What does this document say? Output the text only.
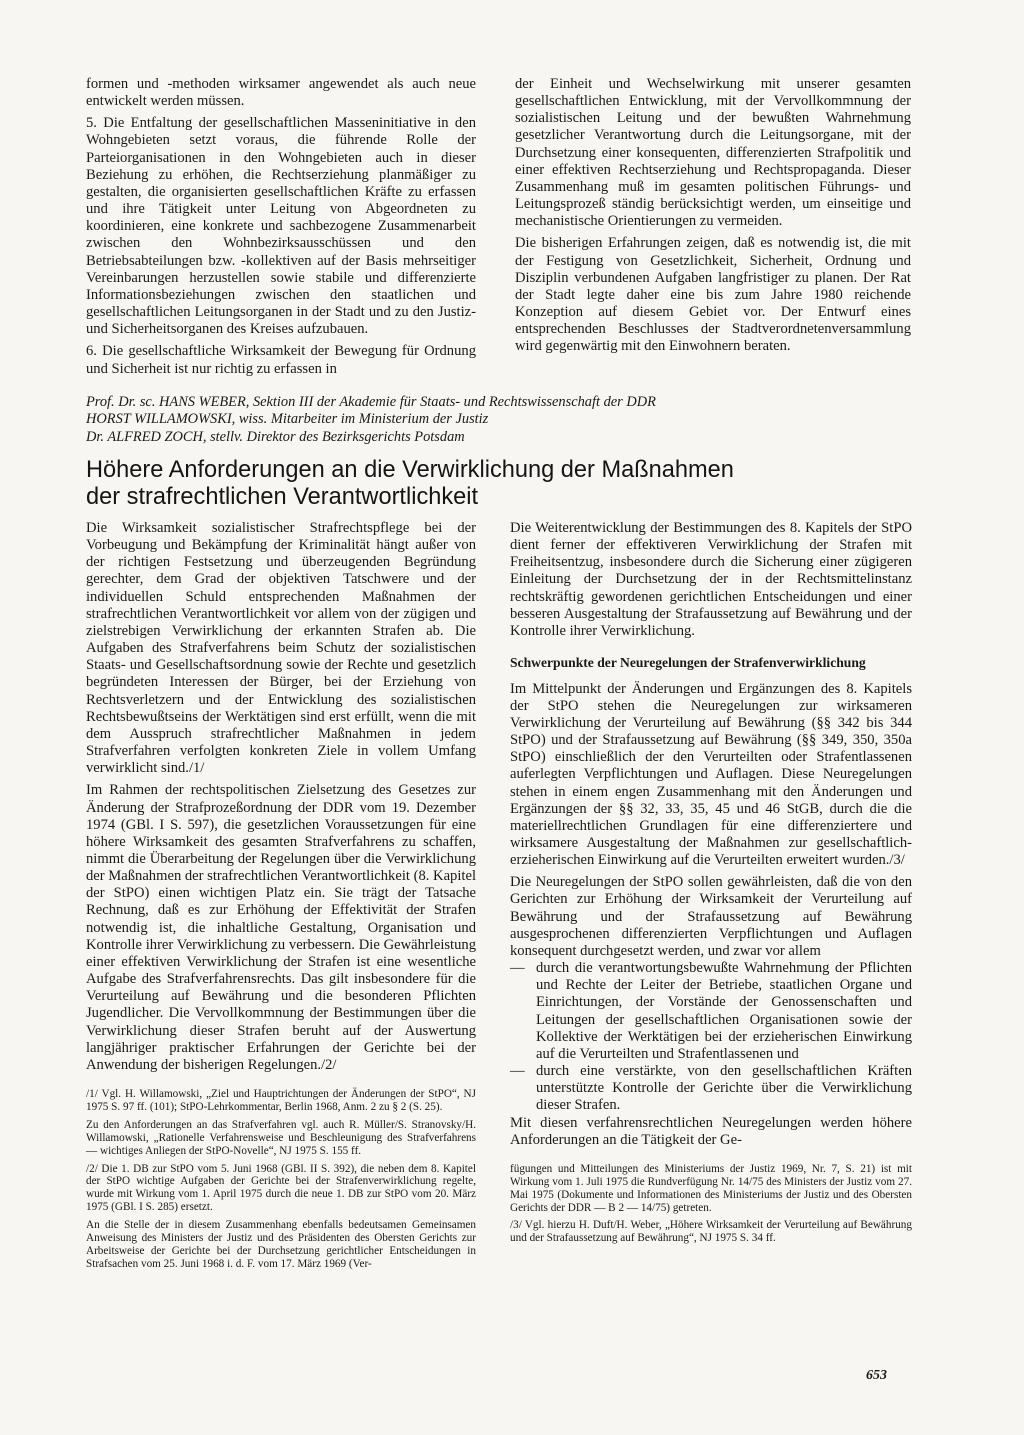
formen und -methoden wirksamer angewendet als auch neue entwickelt werden müssen.

5. Die Entfaltung der gesellschaftlichen Masseninitiative in den Wohngebieten setzt voraus, die führende Rolle der Parteiorganisationen in den Wohngebieten auch in dieser Beziehung zu erhöhen, die Rechtserziehung planmäßiger zu gestalten, die organisierten gesellschaftlichen Kräfte zu erfassen und ihre Tätigkeit unter Leitung von Abgeordneten zu koordinieren, eine konkrete und sachbezogene Zusammenarbeit zwischen den Wohnbezirksausschüssen und den Betriebsabteilungen bzw. -kollektiven auf der Basis mehrseitiger Vereinbarungen herzustellen sowie stabile und differenzierte Informationsbeziehungen zwischen den staatlichen und gesellschaftlichen Leitungsorganen in der Stadt und zu den Justiz- und Sicherheitsorganen des Kreises aufzubauen.

6. Die gesellschaftliche Wirksamkeit der Bewegung für Ordnung und Sicherheit ist nur richtig zu erfassen in

der Einheit und Wechselwirkung mit unserer gesamten gesellschaftlichen Entwicklung, mit der Vervollkommnung der sozialistischen Leitung und der bewußten Wahrnehmung gesetzlicher Verantwortung durch die Leitungsorgane, mit der Durchsetzung einer konsequenten, differenzierten Strafpolitik und einer effektiven Rechtserziehung und Rechtspropaganda. Dieser Zusammenhang muß im gesamten politischen Führungs- und Leitungsprozeß ständig berücksichtigt werden, um einseitige und mechanistische Orientierungen zu vermeiden.

Die bisherigen Erfahrungen zeigen, daß es notwendig ist, die mit der Festigung von Gesetzlichkeit, Sicherheit, Ordnung und Disziplin verbundenen Aufgaben langfristiger zu planen. Der Rat der Stadt legte daher eine bis zum Jahre 1980 reichende Konzeption auf diesem Gebiet vor. Der Entwurf eines entsprechenden Beschlusses der Stadtverordnetenversammlung wird gegenwärtig mit den Einwohnern beraten.

Prof. Dr. sc. HANS WEBER, Sektion III der Akademie für Staats- und Rechtswissenschaft der DDR

HORST WILLAMOWSKI, wiss. Mitarbeiter im Ministerium der Justiz

Dr. ALFRED ZOCH, stellv. Direktor des Bezirksgerichts Potsdam

Höhere Anforderungen an die Verwirklichung der Maßnahmen
der strafrechtlichen Verantwortlichkeit

Die Wirksamkeit sozialistischer Strafrechtspflege bei der Vorbeugung und Bekämpfung der Kriminalität hängt außer von der richtigen Festsetzung und überzeugenden Begründung gerechter, dem Grad der objektiven Tatschwere und der individuellen Schuld entsprechenden Maßnahmen der strafrechtlichen Verantwortlichkeit vor allem von der zügigen und zielstrebigen Verwirklichung der erkannten Strafen ab. Die Aufgaben des Strafverfahrens beim Schutz der sozialistischen Staats- und Gesellschaftsordnung sowie der Rechte und gesetzlich begründeten Interessen der Bürger, bei der Erziehung von Rechtsverletzern und der Entwicklung des sozialistischen Rechtsbewußtseins der Werktätigen sind erst erfüllt, wenn die mit dem Ausspruch strafrechtlicher Maßnahmen in jedem Strafverfahren verfolgten konkreten Ziele in vollem Umfang verwirklicht sind./1/

Im Rahmen der rechtspolitischen Zielsetzung des Gesetzes zur Änderung der Strafprozeßordnung der DDR vom 19. Dezember 1974 (GBl. I S. 597), die gesetzlichen Voraussetzungen für eine höhere Wirksamkeit des gesamten Strafverfahrens zu schaffen, nimmt die Überarbeitung der Regelungen über die Verwirklichung der Maßnahmen der strafrechtlichen Verantwortlichkeit (8. Kapitel der StPO) einen wichtigen Platz ein. Sie trägt der Tatsache Rechnung, daß es zur Erhöhung der Effektivität der Strafen notwendig ist, die inhaltliche Gestaltung, Organisation und Kontrolle ihrer Verwirklichung zu verbessern. Die Gewährleistung einer effektiven Verwirklichung der Strafen ist eine wesentliche Aufgabe des Strafverfahrensrechts. Das gilt insbesondere für die Verurteilung auf Bewährung und die besonderen Pflichten Jugendlicher. Die Vervollkommnung der Bestimmungen über die Verwirklichung dieser Strafen beruht auf der Auswertung langjähriger praktischer Erfahrungen der Gerichte bei der Anwendung der bisherigen Regelungen./2/

/1/ Vgl. H. Willamowski, „Ziel und Hauptrichtungen der Änderungen der StPO“, NJ 1975 S. 97 ff. (101); StPO-Lehrkommentar, Berlin 1968, Anm. 2 zu § 2 (S. 25).

Zu den Anforderungen an das Strafverfahren vgl. auch R. Müller/S. Stranovsky/H. Willamowski, „Rationelle Verfahrensweise und Beschleunigung des Strafverfahrens — wichtiges Anliegen der StPO-Novelle“, NJ 1975 S. 155 ff.

/2/ Die 1. DB zur StPO vom 5. Juni 1968 (GBl. II S. 392), die neben dem 8. Kapitel der StPO wichtige Aufgaben der Gerichte bei der Strafenverwirklichung regelte, wurde mit Wirkung vom 1. April 1975 durch die neue 1. DB zur StPO vom 20. März 1975 (GBl. I S. 285) ersetzt.

An die Stelle der in diesem Zusammenhang ebenfalls bedeutsamen Gemeinsamen Anweisung des Ministers der Justiz und des Präsidenten des Obersten Gerichts zur Arbeitsweise der Gerichte bei der Durchsetzung gerichtlicher Entscheidungen in Strafsachen vom 25. Juni 1968 i. d. F. vom 17. März 1969 (Ver-

Die Weiterentwicklung der Bestimmungen des 8. Kapitels der StPO dient ferner der effektiveren Verwirklichung der Strafen mit Freiheitsentzug, insbesondere durch die Sicherung einer zügigeren Einleitung der Durchsetzung der in der Rechtsmittelinstanz rechtskräftig gewordenen gerichtlichen Entscheidungen und einer besseren Ausgestaltung der Strafaussetzung auf Bewährung und der Kontrolle ihrer Verwirklichung.

Schwerpunkte der Neuregelungen der Strafenverwirklichung

Im Mittelpunkt der Änderungen und Ergänzungen des 8. Kapitels der StPO stehen die Neuregelungen zur wirksameren Verwirklichung der Verurteilung auf Bewährung (§§ 342 bis 344 StPO) und der Strafaussetzung auf Bewährung (§§ 349, 350, 350a StPO) einschließlich der den Verurteilten oder Strafentlassenen auferlegten Verpflichtungen und Auflagen. Diese Neuregelungen stehen in einem engen Zusammenhang mit den Änderungen und Ergänzungen der §§ 32, 33, 35, 45 und 46 StGB, durch die die materiellrechtlichen Grundlagen für eine differenziertere und wirksamere Ausgestaltung der Maßnahmen zur gesellschaftlich-erzieherischen Einwirkung auf die Verurteilten erweitert wurden./3/

Die Neuregelungen der StPO sollen gewährleisten, daß die von den Gerichten zur Erhöhung der Wirksamkeit der Verurteilung auf Bewährung und der Strafaussetzung auf Bewährung ausgesprochenen differenzierten Verpflichtungen und Auflagen konsequent durchgesetzt werden, und zwar vor allem

— durch die verantwortungsbewußte Wahrnehmung der Pflichten und Rechte der Leiter der Betriebe, staatlichen Organe und Einrichtungen, der Vorstände der Genossenschaften und Leitungen der gesellschaftlichen Organisationen sowie der Kollektive der Werktätigen bei der erzieherischen Einwirkung auf die Verurteilten und Strafentlassenen und
— durch eine verstärkte, von den gesellschaftlichen Kräften unterstützte Kontrolle der Gerichte über die Verwirklichung dieser Strafen.

Mit diesen verfahrensrechtlichen Neuregelungen werden höhere Anforderungen an die Tätigkeit der Ge-

fügungen und Mitteilungen des Ministeriums der Justiz 1969, Nr. 7, S. 21) ist mit Wirkung vom 1. Juli 1975 die Rundverfügung Nr. 14/75 des Ministers der Justiz vom 27. Mai 1975 (Dokumente und Informationen des Ministeriums der Justiz und des Obersten Gerichts der DDR — B 2 — 14/75) getreten.

/3/ Vgl. hierzu H. Duft/H. Weber, „Höhere Wirksamkeit der Verurteilung auf Bewährung und der Strafaussetzung auf Bewährung“, NJ 1975 S. 34 ff.

653
